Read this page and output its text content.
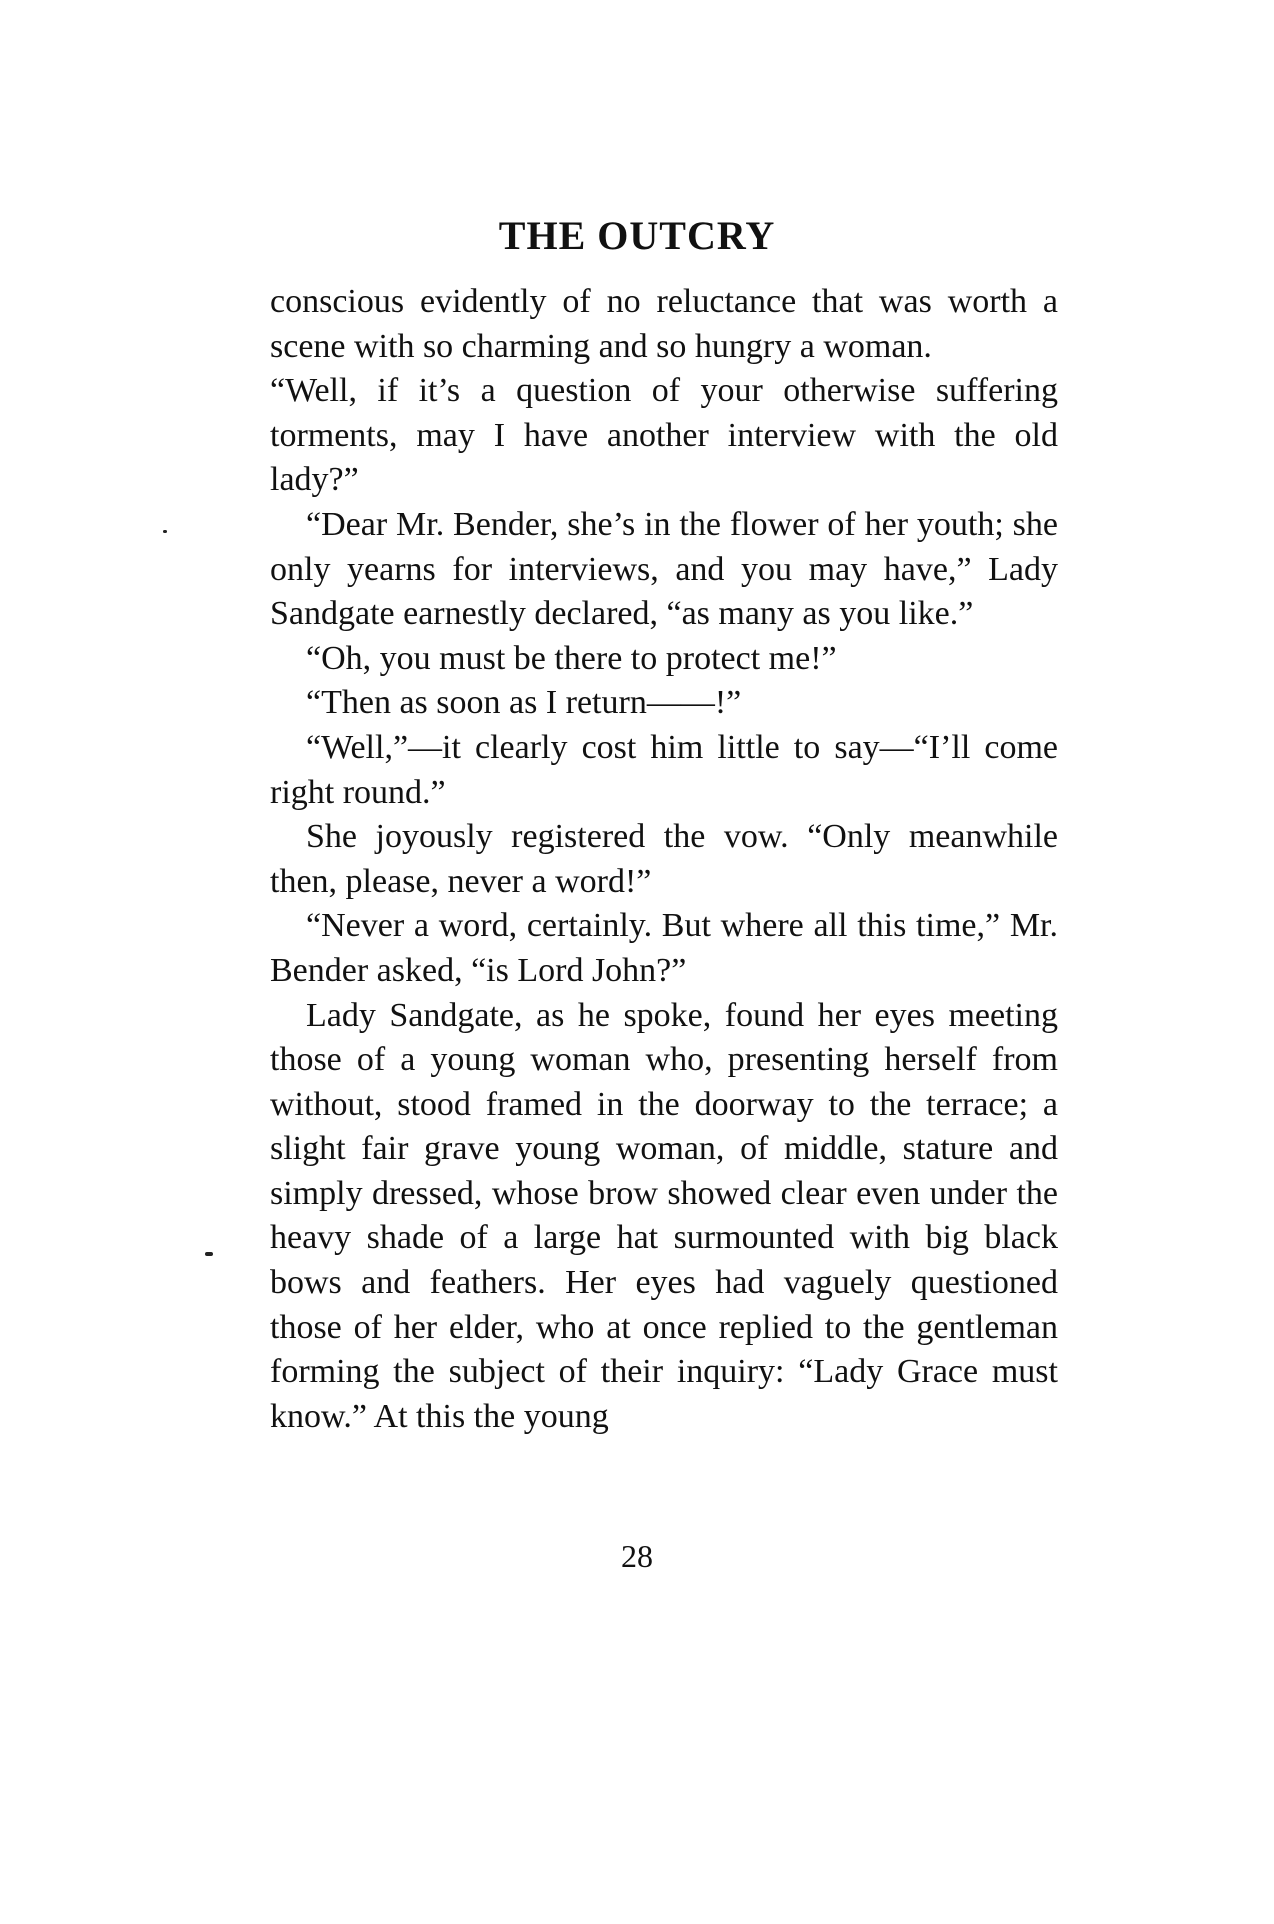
THE OUTCRY

conscious evidently of no reluctance that was worth a scene with so charming and so hungry a woman.

“Well, if it’s a question of your otherwise suffering torments, may I have another interview with the old lady?”

“Dear Mr. Bender, she’s in the flower of her youth; she only yearns for interviews, and you may have,” Lady Sandgate earnestly declared, “as many as you like.”

“Oh, you must be there to protect me!”

“Then as soon as I return——!”

“Well,”—it clearly cost him little to say—“I’ll come right round.”

She joyously registered the vow. “Only meanwhile then, please, never a word!”

“Never a word, certainly. But where all this time,” Mr. Bender asked, “is Lord John?”

Lady Sandgate, as he spoke, found her eyes meeting those of a young woman who, presenting herself from without, stood framed in the doorway to the terrace; a slight fair grave young woman, of middle, stature and simply dressed, whose brow showed clear even under the heavy shade of a large hat surmounted with big black bows and feathers. Her eyes had vaguely questioned those of her elder, who at once replied to the gentleman forming the subject of their inquiry: “Lady Grace must know.” At this the young

28
